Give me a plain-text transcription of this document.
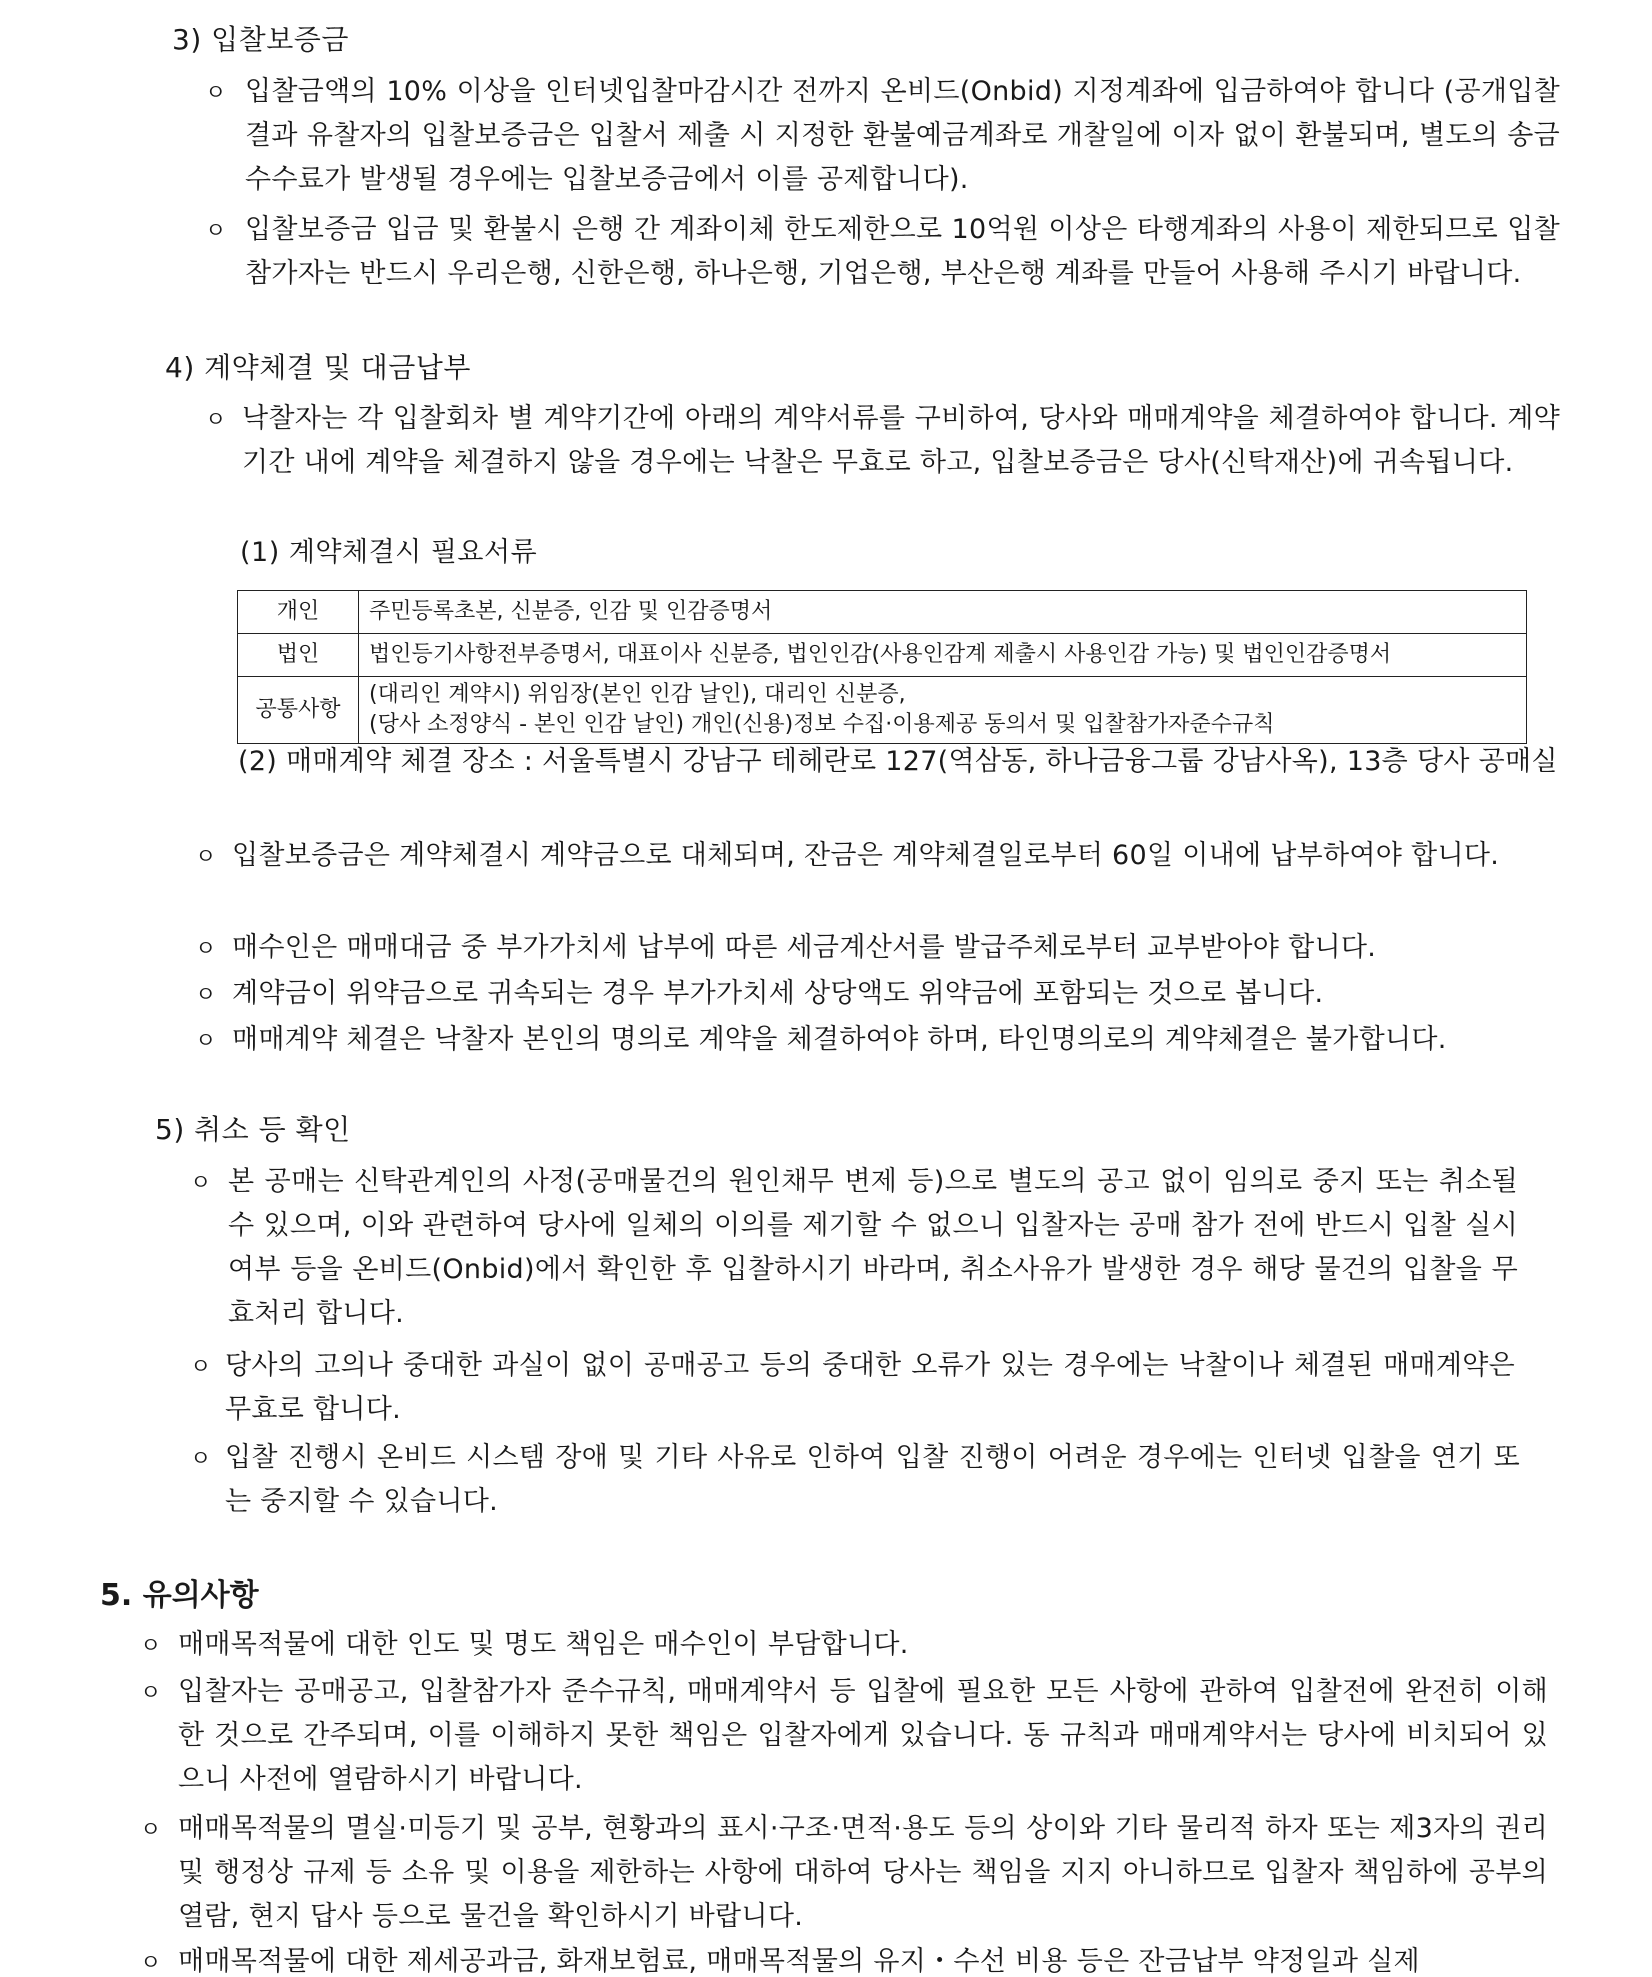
3) 입찰보증금
ㅇ 입찰금액의 10% 이상을 인터넷입찰마감시간 전까지 온비드(Onbid) 지정계좌에 입금하여야 합니다 (공개입찰 결과 유찰자의 입찰보증금은 입찰서 제출 시 지정한 환불예금계좌로 개찰일에 이자 없이 환불되며, 별도의 송금수수료가 발생될 경우에는 입찰보증금에서 이를 공제합니다).
ㅇ 입찰보증금 입금 및 환불시 은행 간 계좌이체 한도제한으로 10억원 이상은 타행계좌의 사용이 제한되므로 입찰참가자는 반드시 우리은행, 신한은행, 하나은행, 기업은행, 부산은행 계좌를 만들어 사용해 주시기 바랍니다.
4) 계약체결 및 대금납부
ㅇ 낙찰자는 각 입찰회차 별 계약기간에 아래의 계약서류를 구비하여, 당사와 매매계약을 체결하여야 합니다. 계약기간 내에 계약을 체결하지 않을 경우에는 낙찰은 무효로 하고, 입찰보증금은 당사(신탁재산)에 귀속됩니다.
(1) 계약체결시 필요서류
개인	주민등록초본, 신분증, 인감 및 인감증명서
법인	법인등기사항전부증명서, 대표이사 신분증, 법인인감(사용인감계 제출시 사용인감 가능) 및 법인인감증명서
공통사항	(대리인 계약시) 위임장(본인 인감 날인), 대리인 신분증,
(당사 소정양식 - 본인 인감 날인) 개인(신용)정보 수집·이용제공 동의서 및 입찰참가자준수규칙
(2) 매매계약 체결 장소 : 서울특별시 강남구 테헤란로 127(역삼동, 하나금융그룹 강남사옥), 13층 당사 공매실
ㅇ 입찰보증금은 계약체결시 계약금으로 대체되며, 잔금은 계약체결일로부터 60일 이내에 납부하여야 합니다.
ㅇ 매수인은 매매대금 중 부가가치세 납부에 따른 세금계산서를 발급주체로부터 교부받아야 합니다.
ㅇ 계약금이 위약금으로 귀속되는 경우 부가가치세 상당액도 위약금에 포함되는 것으로 봅니다.
ㅇ 매매계약 체결은 낙찰자 본인의 명의로 계약을 체결하여야 하며, 타인명의로의 계약체결은 불가합니다.
5) 취소 등 확인
ㅇ 본 공매는 신탁관계인의 사정(공매물건의 원인채무 변제 등)으로 별도의 공고 없이 임의로 중지 또는 취소될 수 있으며, 이와 관련하여 당사에 일체의 이의를 제기할 수 없으니 입찰자는 공매 참가 전에 반드시 입찰 실시 여부 등을 온비드(Onbid)에서 확인한 후 입찰하시기 바라며, 취소사유가 발생한 경우 해당 물건의 입찰을 무효처리 합니다.
ㅇ 당사의 고의나 중대한 과실이 없이 공매공고 등의 중대한 오류가 있는 경우에는 낙찰이나 체결된 매매계약은 무효로 합니다.
ㅇ 입찰 진행시 온비드 시스템 장애 및 기타 사유로 인하여 입찰 진행이 어려운 경우에는 인터넷 입찰을 연기 또는 중지할 수 있습니다.
5. 유의사항
ㅇ 매매목적물에 대한 인도 및 명도 책임은 매수인이 부담합니다.
ㅇ 입찰자는 공매공고, 입찰참가자 준수규칙, 매매계약서 등 입찰에 필요한 모든 사항에 관하여 입찰전에 완전히 이해한 것으로 간주되며, 이를 이해하지 못한 책임은 입찰자에게 있습니다. 동 규칙과 매매계약서는 당사에 비치되어 있으니 사전에 열람하시기 바랍니다.
ㅇ 매매목적물의 멸실·미등기 및 공부, 현황과의 표시·구조·면적·용도 등의 상이와 기타 물리적 하자 또는 제3자의 권리 및 행정상 규제 등 소유 및 이용을 제한하는 사항에 대하여 당사는 책임을 지지 아니하므로 입찰자 책임하에 공부의 열람, 현지 답사 등으로 물건을 확인하시기 바랍니다.
ㅇ 매매목적물에 대한 제세공과금, 화재보험료, 매매목적물의 유지・수선 비용 등은 잔금납부 약정일과 실제
